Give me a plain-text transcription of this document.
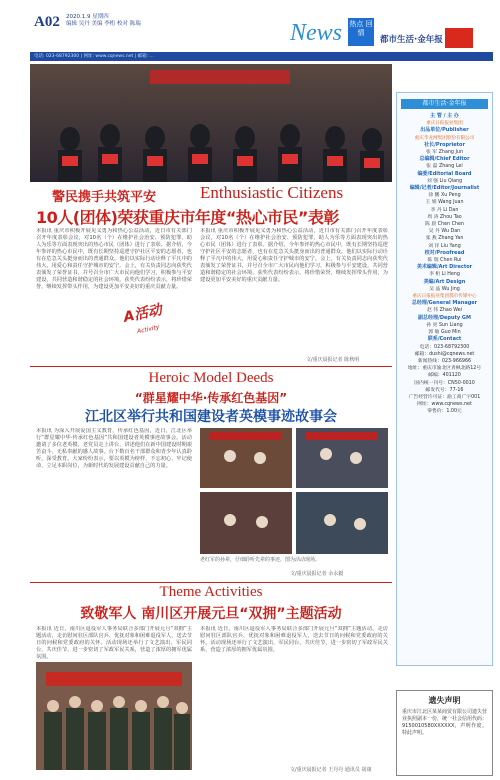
A02 2020.1.9 星期四
编辑 吴丹 美编 李桁 校对 陈瑞	News 热点 回情
都市生活·金年报
电话: 023-68792300 | 网址: www.cqnews.net | 邮箱: ...
警民携手共筑平安	Enthusiastic Citizens
10人(团体)荣获重庆市年度“热心市民”表彰
本报讯 重庆市积极开展见义勇为和热心公益活动，近日市有关部门召开年度表彰会议，对10名（个）在维护社会治安、预防犯罪、助人为乐等方面表现突出的热心市民（团体）进行了表彰。据介绍，今年参评的热心市民中，既有长期坚持巡逻守护社区平安的志愿者，也有在危急关头挺身而出的普通群众。他们以实际行动诠释了平凡中的伟大，用爱心和责任守护城市的安宁。会上，有关负责同志向获奖代表颁发了荣誉证书，并号召全市广大市民向他们学习，积极参与平安建设，共同营造和谐稳定的社会环境。获奖代表纷纷表示，将珍惜荣誉，继续发挥带头作用，为建设更加平安美好的重庆贡献力量。
本报讯 重庆市积极开展见义勇为和热心公益活动，近日市有关部门召开年度表彰会议，对10名（个）在维护社会治安、预防犯罪、助人为乐等方面表现突出的热心市民（团体）进行了表彰。据介绍，今年参评的热心市民中，既有长期坚持巡逻守护社区平安的志愿者，也有在危急关头挺身而出的普通群众。他们以实际行动诠释了平凡中的伟大，用爱心和责任守护城市的安宁。会上，有关负责同志向获奖代表颁发了荣誉证书，并号召全市广大市民向他们学习，积极参与平安建设，共同营造和谐稳定的社会环境。获奖代表纷纷表示，将珍惜荣誉，继续发挥带头作用，为建设更加平安美好的重庆贡献力量。
文/重庆晨报记者 陈秋明
A活动
Activity
Heroic Model Deeds
“群星耀中华·传承红色基因”
江北区举行共和国建设者英模事迹故事会
本报讯 为深入开展爱国主义教育，传承红色基因，近日，江北区举行“群星耀中华·传承红色基因”共和国建设者英模事迹故事会。活动邀请了多位老英模、老党员走上讲台，讲述他们在新中国建设时期艰苦奋斗、无私奉献的感人故事。台下数百名干部群众和青少年认真聆听，深受教育。大家纷纷表示，要以英模为榜样，不忘初心、牢记使命，立足本职岗位，为新时代的发展建设贡献自己的力量。
老红军的孙辈，仔细聆听先辈的事迹。图为活动现场。
文/重庆晨报记者 余永毅
Theme Activities
致敬军人 南川区开展元旦“双拥”主题活动
本报讯 近日，南川区退役军人事务局联合多部门开展元旦“双拥”主题活动，走访慰问驻区部队官兵、优抚对象和困难退役军人，送去节日的问候和党委政府的关怀。活动现场还举行了文艺演出，军民同台，共庆佳节，进一步密切了军政军民关系，营造了浓厚的拥军优属氛围。
本报讯 近日，南川区退役军人事务局联合多部门开展元旦“双拥”主题活动，走访慰问驻区部队官兵、优抚对象和困难退役军人，送去节日的问候和党委政府的关怀。活动现场还举行了文艺演出，军民同台，共庆佳节，进一步密切了军政军民关系，营造了浓厚的拥军优属氛围。
文/重庆晨报记者 王丹丹 通讯员 胡康
都市生活·金年报
主 管 / 主 办
重庆日报报业集团
出品单位/Publisher
重庆华龙网集团股份有限公司
社长/Proprietor
张 军 Zhang Jun
总编辑/Chief Editor
张 磊 Zhang Lei
编委/Editorial Board
刘 强 Liu Qiang
编辑/记者/Editor/Journalist
徐 鹏 Xu Peng
王 娟 Wang Juan
李 丹 Li Dan
周 涛 Zhou Tao
陈 晨 Chen Chen
吴 丹 Wu Dan
张 燕 Zhang Yan
刘 洋 Liu Yang
校对/Proofread
陈 瑞 Chen Rui
美术编辑/Art Director
李 桁 Li Heng
美编/Art Design
吴 晶 Wu Jing
重庆日报报业集团都市传媒中心
总经理/General Manager
赵 伟 Zhao Wei
副总经理/Deputy GM
孙 亮 Sun Liang
郭 敏 Guo Min
联系/Contact
电话：023-68792300
邮箱：dushi@cqnews.net
新闻热线：023-966966
地址：重庆市渝北区青枫北路12号
邮编：401120
国内统一刊号：CN50-0010
邮发代号：77-16
广告经营许可证：渝工商广字001
网址：www.cqnews.net
零售价：1.00元
遗失声明
重庆市江北区某某商贸有限公司遗失营业执照副本一份，统一社会信用代码：9150010580XXXXXX，声明作废。特此声明。
